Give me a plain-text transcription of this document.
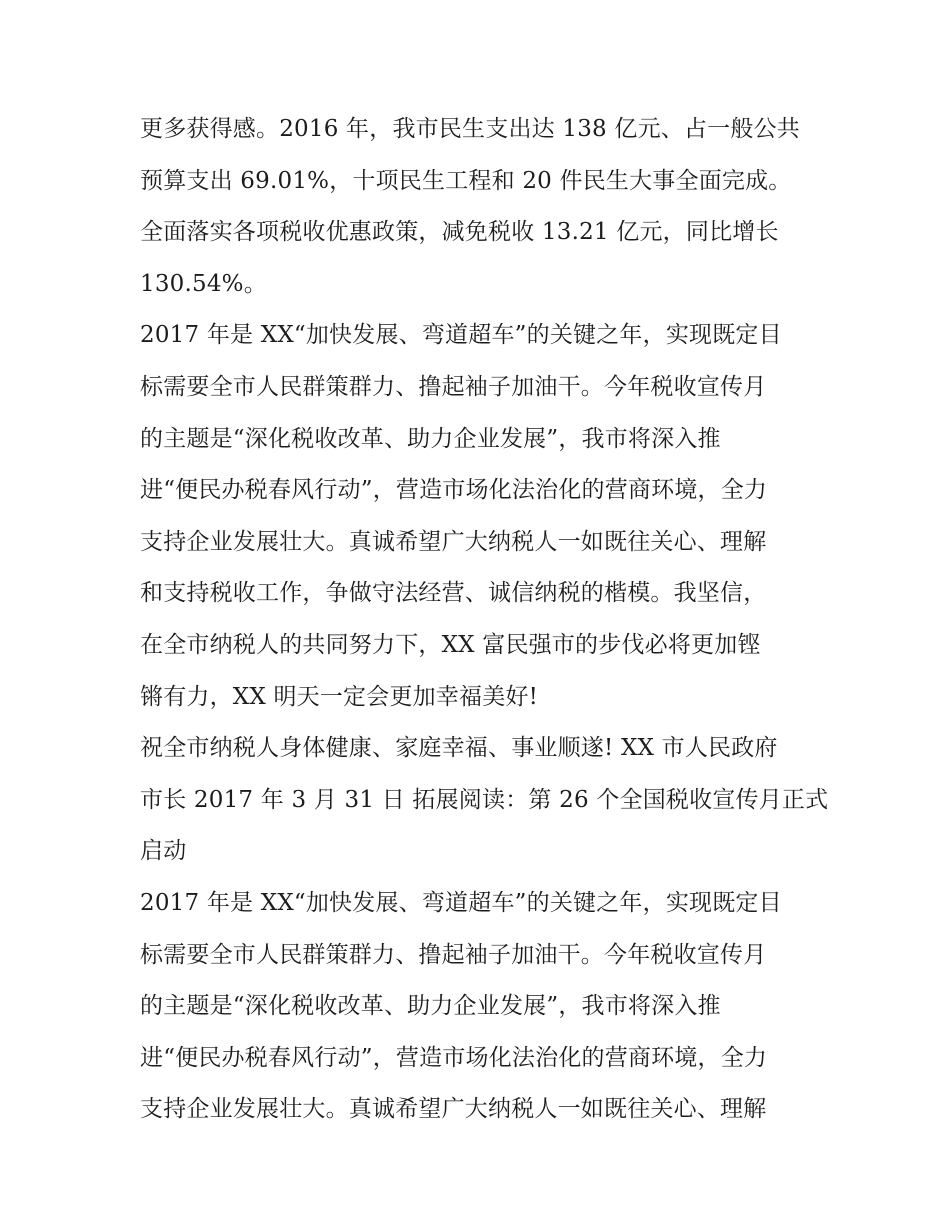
更多获得感。2016 年，我市民生支出达 138 亿元、占一般公共
预算支出 69.01%，十项民生工程和 20 件民生大事全面完成。
全面落实各项税收优惠政策，减免税收 13.21 亿元，同比增长
130.54%。
2017 年是 XX“加快发展、弯道超车”的关键之年，实现既定目
标需要全市人民群策群力、撸起袖子加油干。今年税收宣传月
的主题是“深化税收改革、助力企业发展”，我市将深入推
进“便民办税春风行动”，营造市场化法治化的营商环境，全力
支持企业发展壮大。真诚希望广大纳税人一如既往关心、理解
和支持税收工作，争做守法经营、诚信纳税的楷模。我坚信，
在全市纳税人的共同努力下，XX 富民强市的步伐必将更加铿
锵有力，XX 明天一定会更加幸福美好!
祝全市纳税人身体健康、家庭幸福、事业顺遂! XX 市人民政府
市长 2017 年 3 月 31 日 拓展阅读：第 26 个全国税收宣传月正式
启动
2017 年是 XX“加快发展、弯道超车”的关键之年，实现既定目
标需要全市人民群策群力、撸起袖子加油干。今年税收宣传月
的主题是“深化税收改革、助力企业发展”，我市将深入推
进“便民办税春风行动”，营造市场化法治化的营商环境，全力
支持企业发展壮大。真诚希望广大纳税人一如既往关心、理解
